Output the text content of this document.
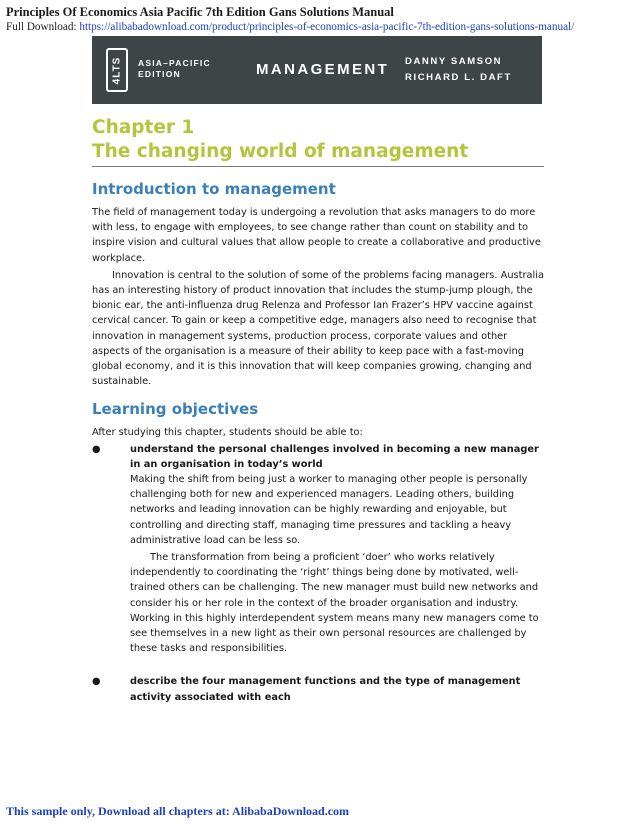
Principles Of Economics Asia Pacific 7th Edition Gans Solutions Manual
Full Download: https://alibabadownload.com/product/principles-of-economics-asia-pacific-7th-edition-gans-solutions-manual/
4LTS ASIA–PACIFIC
EDITION	MANAGEMENT DANNY SAMSON
RICHARD L. DAFT
Chapter 1
The changing world of management
Introduction to management

The field of management today is undergoing a revolution that asks managers to do more with less, to engage with employees, to see change rather than count on stability and to inspire vision and cultural values that allow people to create a collaborative and productive workplace.

Innovation is central to the solution of some of the problems facing managers. Australia has an interesting history of product innovation that includes the stump-jump plough, the bionic ear, the anti-influenza drug Relenza and Professor Ian Frazer’s HPV vaccine against cervical cancer. To gain or keep a competitive edge, managers also need to recognise that innovation in management systems, production process, corporate values and other aspects of the organisation is a measure of their ability to keep pace with a fast-moving global economy, and it is this innovation that will keep companies growing, changing and sustainable.

Learning objectives

After studying this chapter, students should be able to:

●	understand the personal challenges involved in becoming a new manager in an organisation in today’s world

Making the shift from being just a worker to managing other people is personally challenging both for new and experienced managers. Leading others, building networks and leading innovation can be highly rewarding and enjoyable, but controlling and directing staff, managing time pressures and tackling a heavy administrative load can be less so.

The transformation from being a proficient ‘doer’ who works relatively independently to coordinating the ‘right’ things being done by motivated, well-trained others can be challenging. The new manager must build new networks and consider his or her role in the context of the broader organisation and industry. Working in this highly interdependent system means many new managers come to see themselves in a new light as their own personal resources are challenged by these tasks and responsibilities.

●	describe the four management functions and the type of management activity associated with each

This sample only, Download all chapters at: AlibabaDownload.com
